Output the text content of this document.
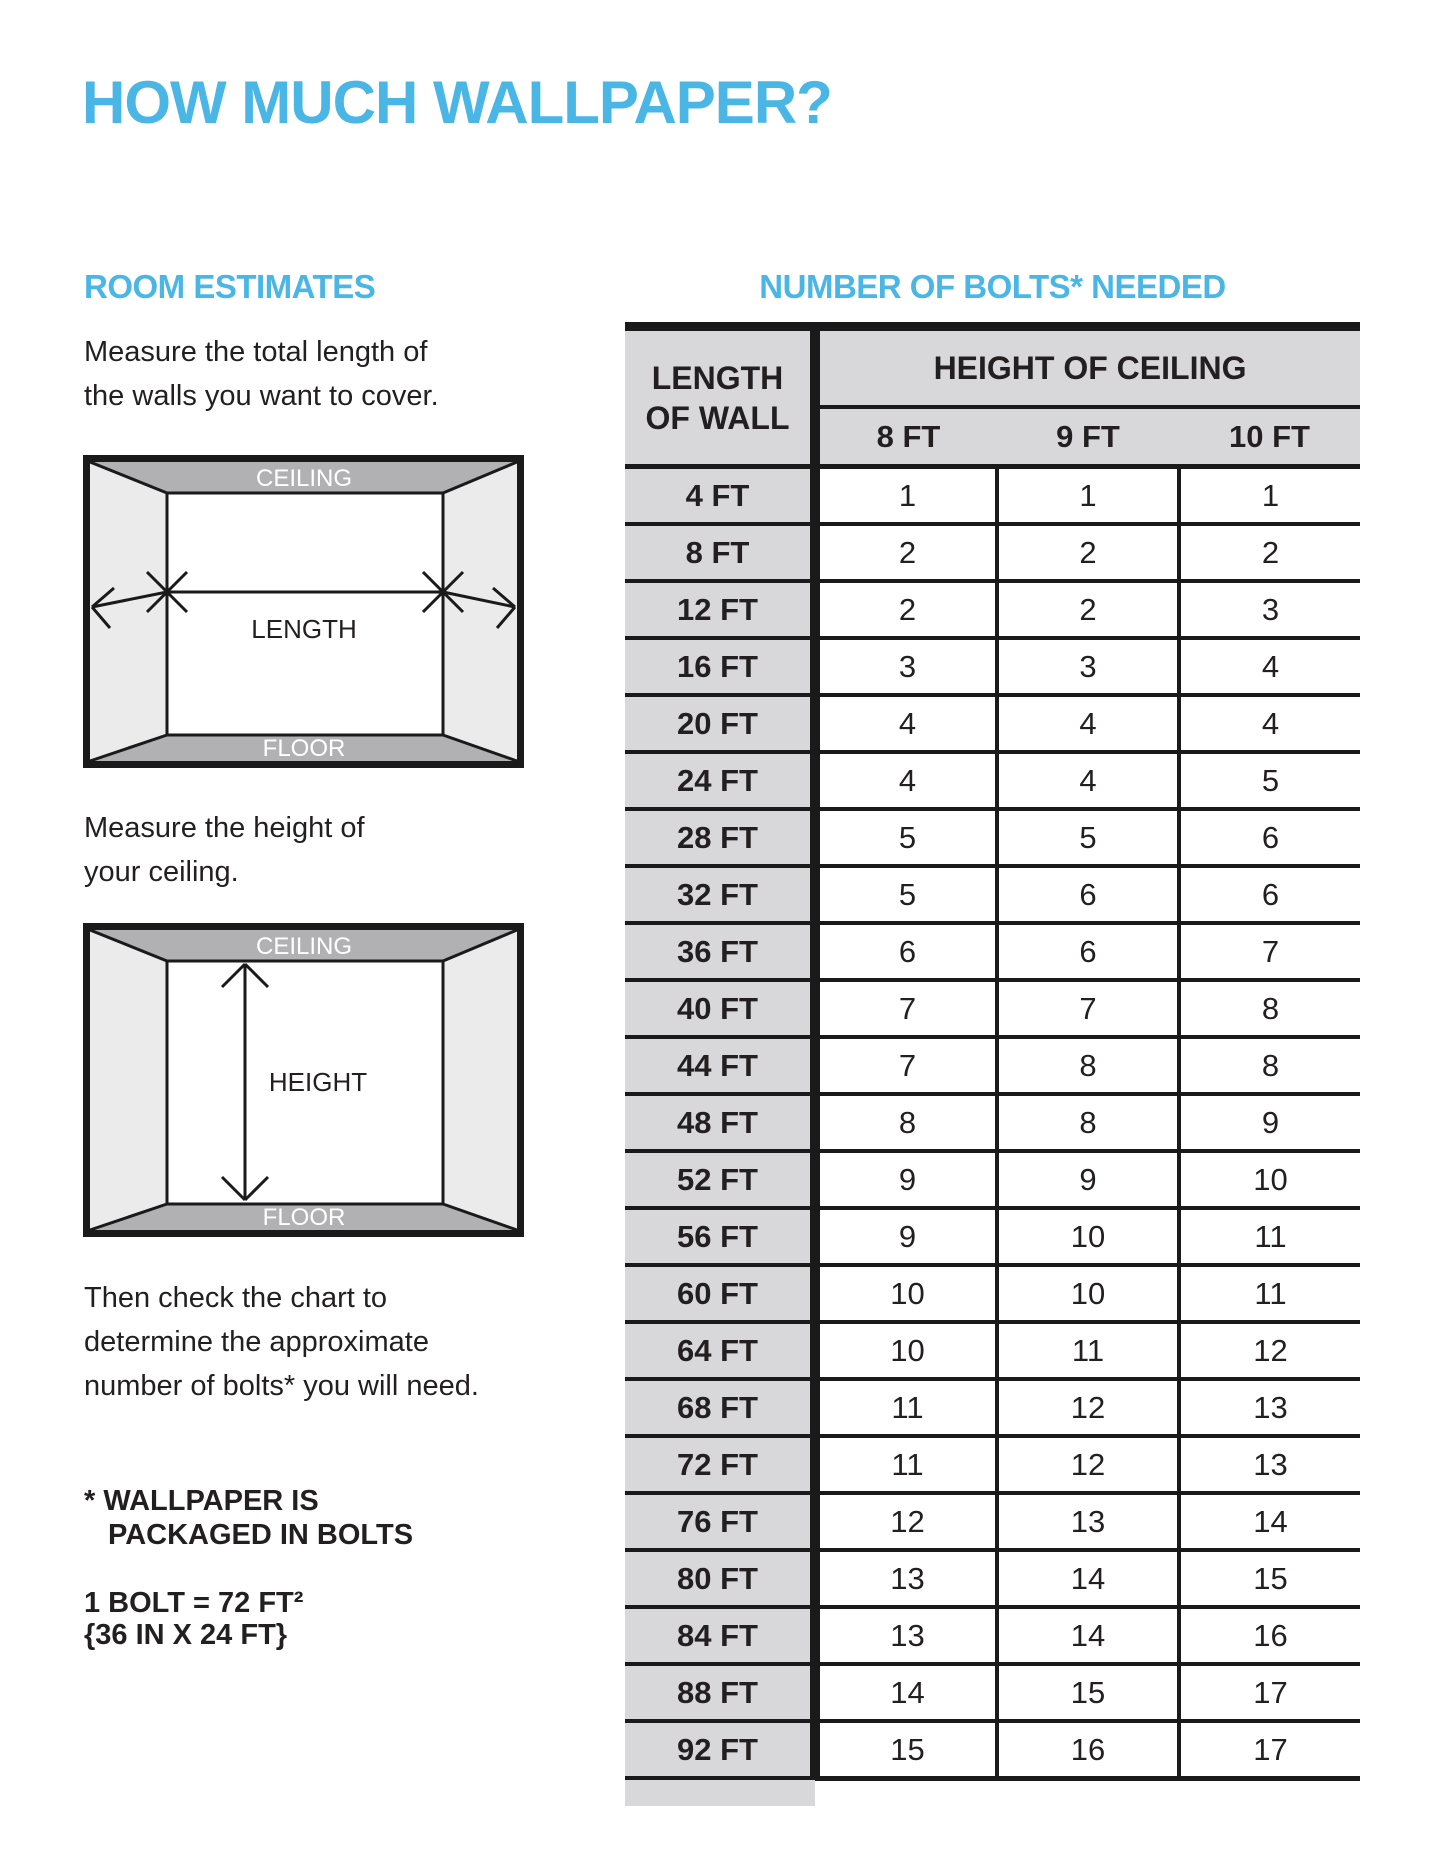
HOW MUCH WALLPAPER?
ROOM ESTIMATES
Measure the total length of
the walls you want to cover.
CEILING
FLOOR
LENGTH
Measure the height of
your ceiling.
CEILING
FLOOR
HEIGHT
Then check the chart to
determine the approximate
number of bolts* you will need.
* WALLPAPER IS
PACKAGED IN BOLTS
1 BOLT = 72 FT²
{36 IN X 24 FT}
NUMBER OF BOLTS* NEEDED
LENGTH
OF WALL	HEIGHT OF CEILING		
	8 FT	9 FT	10 FT
4 FT	1	1	1
8 FT	2	2	2
12 FT	2	2	3
16 FT	3	3	4
20 FT	4	4	4
24 FT	4	4	5
28 FT	5	5	6
32 FT	5	6	6
36 FT	6	6	7
40 FT	7	7	8
44 FT	7	8	8
48 FT	8	8	9
52 FT	9	9	10
56 FT	9	10	11
60 FT	10	10	11
64 FT	10	11	12
68 FT	11	12	13
72 FT	11	12	13
76 FT	12	13	14
80 FT	13	14	15
84 FT	13	14	16
88 FT	14	15	17
92 FT	15	16	17
